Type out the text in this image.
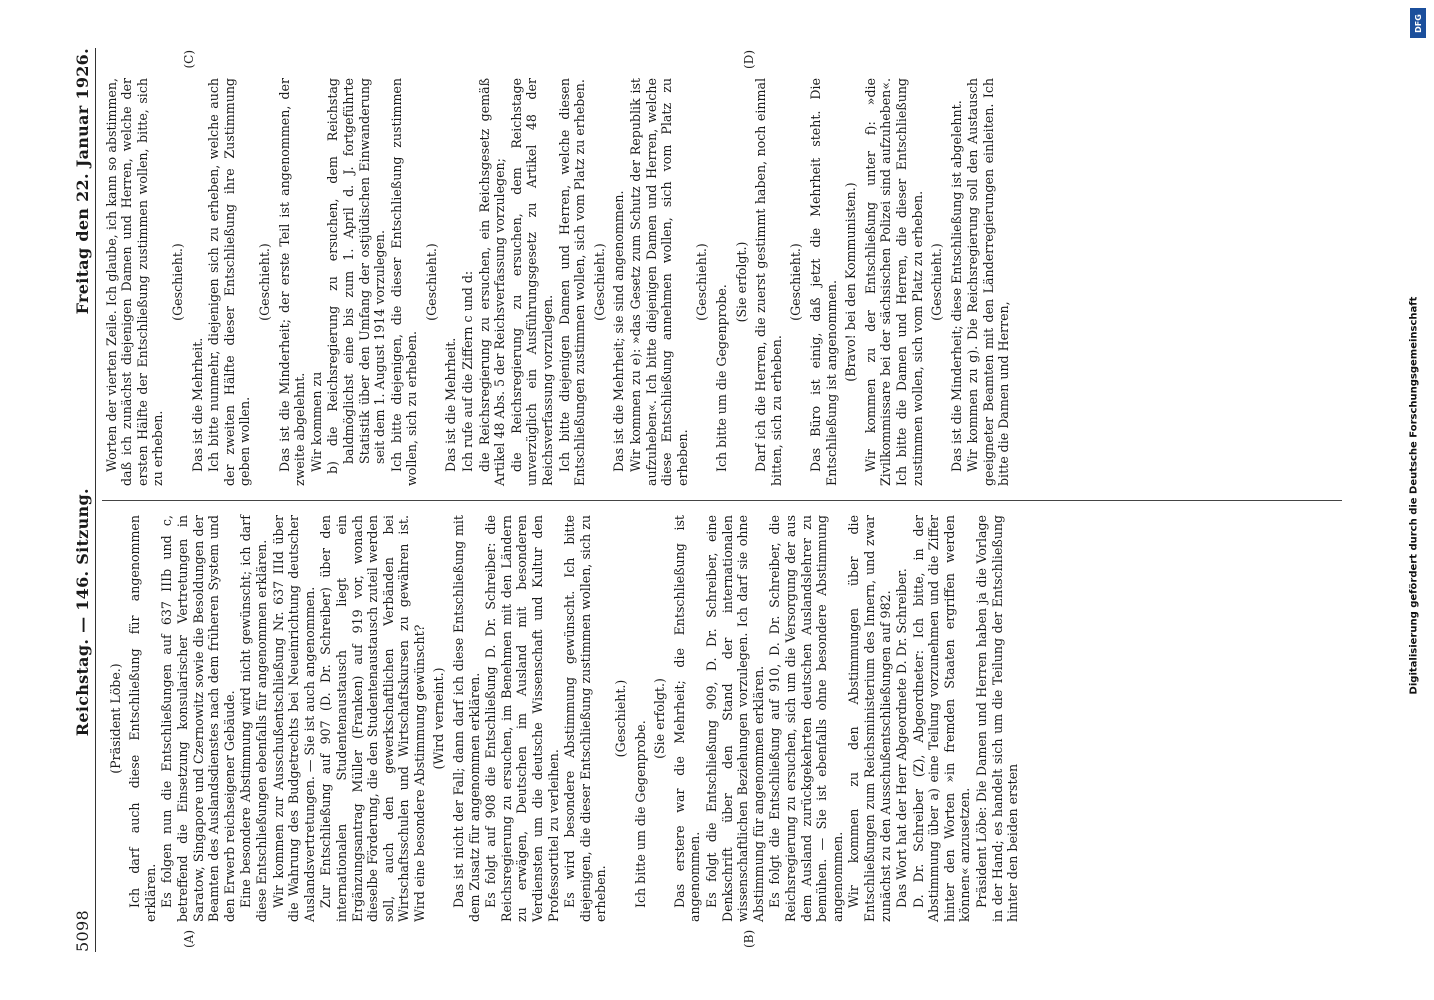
5098
Reichstag. — 146. Sitzung.
Freitag den 22. Januar 1926.
(A)	(B)

(Präsident Löbe.) Ich darf auch diese Entschließung für angenommen erklären. Es folgen nun die Entschließungen auf 637 IIIb und c, betreffend die Einsetzung konsularischer Vertretungen in Saratow, Singapore und Czernowitz sowie die Besoldungen der Beamten des Auslandsdienstes nach dem früheren System und den Erwerb reichseigener Gebäude. Eine besondere Abstimmung wird nicht gewünscht; ich darf diese Entschließungen ebenfalls für angenommen erklären. Wir kommen zur Ausschußentschließung Nr. 637 IIId über die Wahrung des Budgetrechts bei Neueinrichtung deutscher Auslandsvertretungen. — Sie ist auch angenommen. Zur Entschließung auf 907 (D. Dr. Schreiber) über den internationalen Studentenaustausch liegt ein Ergänzungsantrag Müller (Franken) auf 919 vor, wonach dieselbe Förderung, die den Studentenaustausch zuteil werden soll, auch den gewerkschaftlichen Verbänden bei Wirtschaftsschulen und Wirtschaftskursen zu gewähren ist. Wird eine besondere Abstimmung gewünscht? (Wird verneint.) Das ist nicht der Fall; dann darf ich diese Entschließung mit dem Zusatz für angenommen erklären. Es folgt auf 908 die Entschließung D. Dr. Schreiber: die Reichsregierung zu ersuchen, im Benehmen mit den Ländern zu erwägen, Deutschen im Ausland mit besonderen Verdiensten um die deutsche Wissenschaft und Kultur den Professortitel zu verleihen. Es wird besondere Abstimmung gewünscht. Ich bitte diejenigen, die dieser Entschließung zustimmen wollen, sich zu erheben.

(Geschieht.)

Ich bitte um die Gegenprobe.

(Sie erfolgt.) Das erstere war die Mehrheit; die Entschließung ist angenommen. Es folgt die Entschließung 909, D. Dr. Schreiber, eine Denkschrift über den Stand der internationalen wissenschaftlichen Beziehungen vorzulegen. Ich darf sie ohne Abstimmung für angenommen erklären. Es folgt die Entschließung auf 910, D. Dr. Schreiber, die Reichsregierung zu ersuchen, sich um die Versorgung der aus dem Ausland zurückgekehrten deutschen Auslandslehrer zu bemühen. — Sie ist ebenfalls ohne besondere Abstimmung angenommen. Wir kommen zu den Abstimmungen über die Entschließungen zum Reichsministerium des Innern, und zwar zunächst zu den Ausschußentschließungen auf 982. Das Wort hat der Herr Abgeordnete D. Dr. Schreiber. D. Dr. Schreiber (Z), Abgeordneter: Ich bitte, in der Abstimmung über a) eine Teilung vorzunehmen und die Ziffer hinter den Worten »in fremden Staaten ergriffen werden können« anzusetzen. Präsident Löbe: Die Damen und Herren haben ja die Vorlage in der Hand; es handelt sich um die Teilung der Entschließung hinter den beiden ersten

(C)	(D)

Worten der vierten Zeile. Ich glaube, ich kann so abstimmen, daß ich zunächst diejenigen Damen und Herren, welche der ersten Hälfte der Entschließung zustimmen wollen, bitte, sich zu erheben.

(Geschieht.)

Das ist die Mehrheit. Ich bitte nunmehr, diejenigen sich zu erheben, welche auch der zweiten Hälfte dieser Entschließung ihre Zustimmung geben wollen.

(Geschieht.) Das ist die Minderheit; der erste Teil ist angenommen, der zweite abgelehnt. Wir kommen zu b) die Reichsregierung zu ersuchen, dem Reichstag baldmöglichst eine bis zum 1. April d. J. fortgeführte Statistik über den Umfang der ostjüdischen Einwanderung seit dem 1. August 1914 vorzulegen. Ich bitte diejenigen, die dieser Entschließung zustimmen wollen, sich zu erheben.

(Geschieht.)

Das ist die Mehrheit. Ich rufe auf die Ziffern c und d: die Reichsregierung zu ersuchen, ein Reichsgesetz gemäß Artikel 48 Abs. 5 der Reichsverfassung vorzulegen; die Reichsregierung zu ersuchen, dem Reichstage unverzüglich ein Ausführungsgesetz zu Artikel 48 der Reichsverfassung vorzulegen. Ich bitte diejenigen Damen und Herren, welche diesen Entschließungen zustimmen wollen, sich vom Platz zu erheben. (Geschieht.) Das ist die Mehrheit; sie sind angenommen. Wir kommen zu e): »das Gesetz zum Schutz der Republik ist aufzuheben«. Ich bitte diejenigen Damen und Herren, welche diese Entschließung annehmen wollen, sich vom Platz zu erheben.

(Geschieht.)

Ich bitte um die Gegenprobe.

(Sie erfolgt.) Darf ich die Herren, die zuerst gestimmt haben, noch einmal bitten, sich zu erheben.

(Geschieht.) Das Büro ist einig, daß jetzt die Mehrheit steht. Die Entschließung ist angenommen. (Bravo! bei den Kommunisten.) Wir kommen zu der Entschließung unter f): »die Zivilkommissare bei der sächsischen Polizei sind aufzuheben«. Ich bitte die Damen und Herren, die dieser Entschließung zustimmen wollen, sich vom Platz zu erheben. (Geschieht.) Das ist die Minderheit; diese Entschließung ist abgelehnt. Wir kommen zu g). Die Reichsregierung soll den Austausch geeigneter Beamten mit den Länderregierungen einleiten. Ich bitte die Damen und Herren,	Digitalisierung gefördert durch die Deutsche Forschungsgemeinschaft
DFG
